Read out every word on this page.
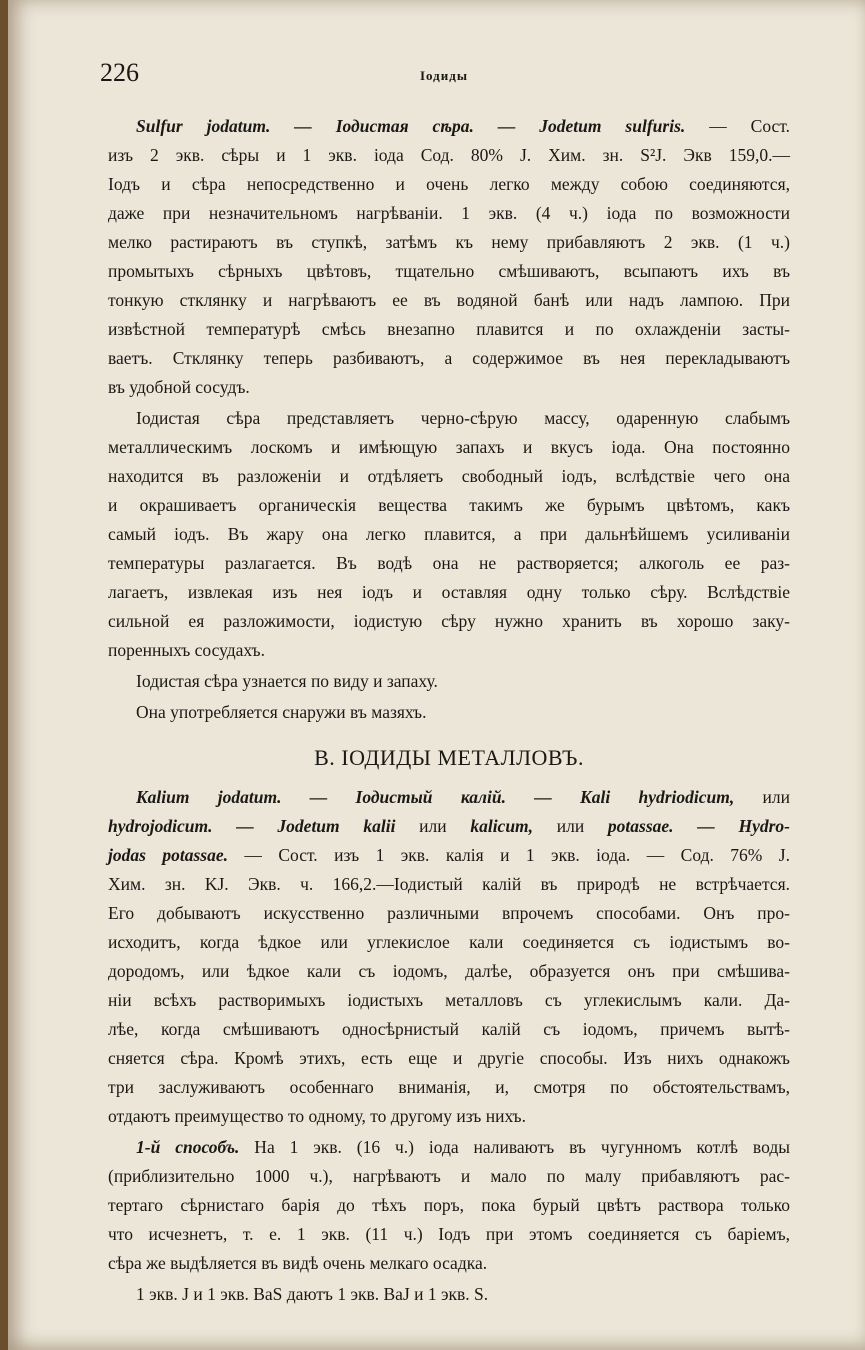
226	Іодиды
Sulfur jodatum. — Іодистая сѣра. — Jodetum sulfuris. — Сост.
изъ 2 экв. сѣры и 1 экв. іода Сод. 80% J. Хим. зн. S²J. Экв 159,0.—
Іодъ и сѣра непосредственно и очень легко между собою соединяются,
даже при незначительномъ нагрѣваніи. 1 экв. (4 ч.) іода по возможности
мелко растираютъ въ ступкѣ, затѣмъ къ нему прибавляютъ 2 экв. (1 ч.)
промытыхъ сѣрныхъ цвѣтовъ, тщательно смѣшиваютъ, всыпаютъ ихъ въ
тонкую стклянку и нагрѣваютъ ее въ водяной банѣ или надъ лампою. При
извѣстной температурѣ смѣсь внезапно плавится и по охлажденіи засты-
ваетъ. Стклянку теперь разбиваютъ, а содержимое въ нея перекладываютъ
въ удобной сосудъ.
Іодистая сѣра представляетъ черно-сѣрую массу, одаренную слабымъ
металлическимъ лоскомъ и имѣющую запахъ и вкусъ іода. Она постоянно
находится въ разложеніи и отдѣляетъ свободный іодъ, вслѣдствіе чего она
и окрашиваетъ органическія вещества такимъ же бурымъ цвѣтомъ, какъ
самый іодъ. Въ жару она легко плавится, а при дальнѣйшемъ усиливаніи
температуры разлагается. Въ водѣ она не растворяется; алкоголь ее раз-
лагаетъ, извлекая изъ нея іодъ и оставляя одну только сѣру. Вслѣдствіе
сильной ея разложимости, іодистую сѣру нужно хранить въ хорошо заку-
поренныхъ сосудахъ.
Іодистая сѣра узнается по виду и запаху.
Она употребляется снаружи въ мазяхъ.
B. ІОДИДЫ МЕТАЛЛОВЪ.
Kalium jodatum. — Іодистый калій. — Kali hydriodicum, или
hydrojodicum. — Jodetum kalii или kalicum, или potassae. — Hydro-
jodas potassae. — Сост. изъ 1 экв. калія и 1 экв. іода. — Сод. 76% J.
Хим. зн. KJ. Экв. ч. 166,2.—Іодистый калій въ природѣ не встрѣчается.
Его добываютъ искусственно различными впрочемъ способами. Онъ про-
исходитъ, когда ѣдкое или углекислое кали соединяется съ іодистымъ во-
дородомъ, или ѣдкое кали съ іодомъ, далѣе, образуется онъ при смѣшива-
ніи всѣхъ растворимыхъ іодистыхъ металловъ съ углекислымъ кали. Да-
лѣе, когда смѣшиваютъ односѣрнистый калій съ іодомъ, причемъ вытѣ-
сняется сѣра. Кромѣ этихъ, есть еще и другіе способы. Изъ нихъ однакожъ
три заслуживаютъ особеннаго вниманія, и, смотря по обстоятельствамъ,
отдаютъ преимущество то одному, то другому изъ нихъ.
1-й способъ. На 1 экв. (16 ч.) іода наливаютъ въ чугунномъ котлѣ воды
(приблизительно 1000 ч.), нагрѣваютъ и мало по малу прибавляютъ рас-
тертаго сѣрнистаго барія до тѣхъ поръ, пока бурый цвѣтъ раствора только
что исчезнетъ, т. е. 1 экв. (11 ч.) Іодъ при этомъ соединяется съ баріемъ,
сѣра же выдѣляется въ видѣ очень мелкаго осадка.
1 экв. J и 1 экв. BaS даютъ 1 экв. BaJ и 1 экв. S.
